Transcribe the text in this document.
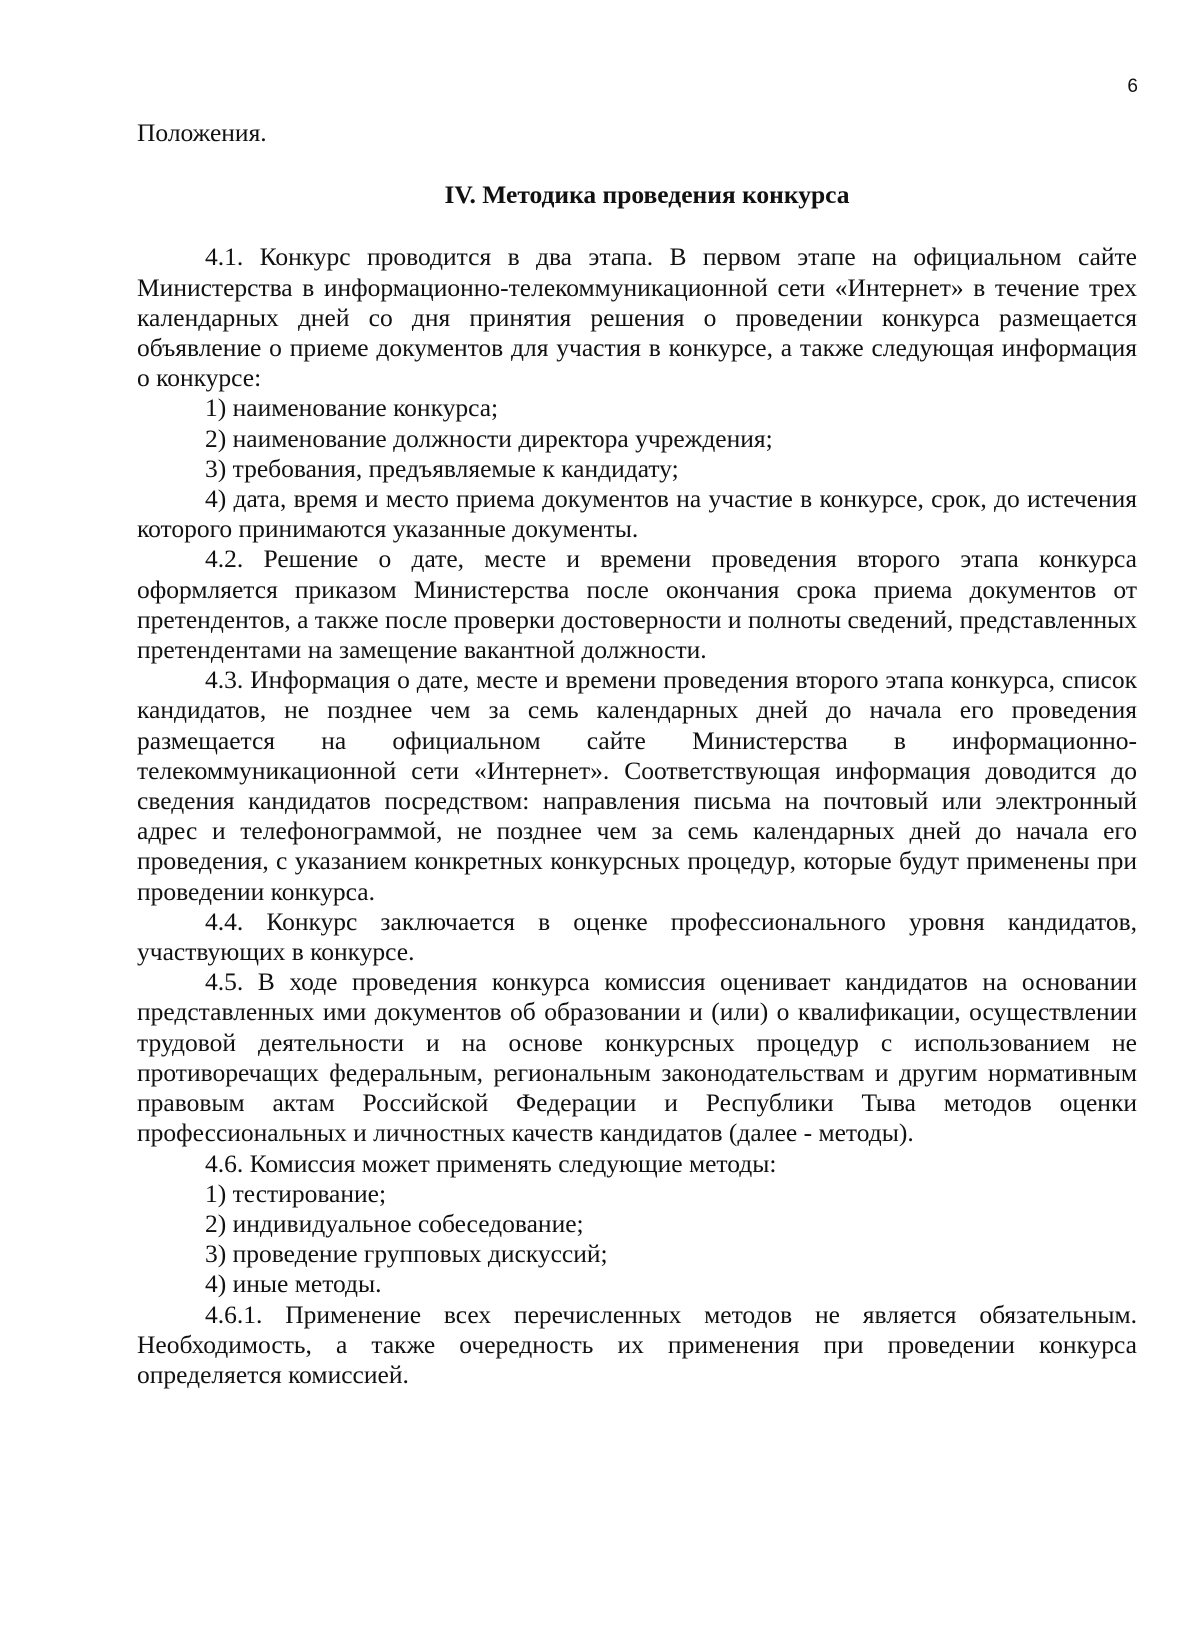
6

Положения.

IV. Методика проведения конкурса

4.1. Конкурс проводится в два этапа. В первом этапе на официальном сайте Министерства в информационно-телекоммуникационной сети «Интернет» в течение трех календарных дней со дня принятия решения о проведении конкурса размещается объявление о приеме документов для участия в конкурсе, а также следующая информация о конкурсе:

1) наименование конкурса;

2) наименование должности директора учреждения;

3) требования, предъявляемые к кандидату;

4) дата, время и место приема документов на участие в конкурсе, срок, до истечения которого принимаются указанные документы.

4.2. Решение о дате, месте и времени проведения второго этапа конкурса оформляется приказом Министерства после окончания срока приема документов от претендентов, а также после проверки достоверности и полноты сведений, представленных претендентами на замещение вакантной должности.

4.3. Информация о дате, месте и времени проведения второго этапа конкурса, список кандидатов, не позднее чем за семь календарных дней до начала его проведения размещается на официальном сайте Министерства в информационно-телекоммуникационной сети «Интернет». Соответствующая информация доводится до сведения кандидатов посредством: направления письма на почтовый или электронный адрес и телефонограммой, не позднее чем за семь календарных дней до начала его проведения, с указанием конкретных конкурсных процедур, которые будут применены при проведении конкурса.

4.4. Конкурс заключается в оценке профессионального уровня кандидатов, участвующих в конкурсе.

4.5. В ходе проведения конкурса комиссия оценивает кандидатов на основании представленных ими документов об образовании и (или) о квалификации, осуществлении трудовой деятельности и на основе конкурсных процедур с использованием не противоречащих федеральным, региональным законодательствам и другим нормативным правовым актам Российской Федерации и Республики Тыва методов оценки профессиональных и личностных качеств кандидатов (далее - методы).

4.6. Комиссия может применять следующие методы:

1) тестирование;

2) индивидуальное собеседование;

3) проведение групповых дискуссий;

4) иные методы.

4.6.1. Применение всех перечисленных методов не является обязательным. Необходимость, а также очередность их применения при проведении конкурса определяется комиссией.
